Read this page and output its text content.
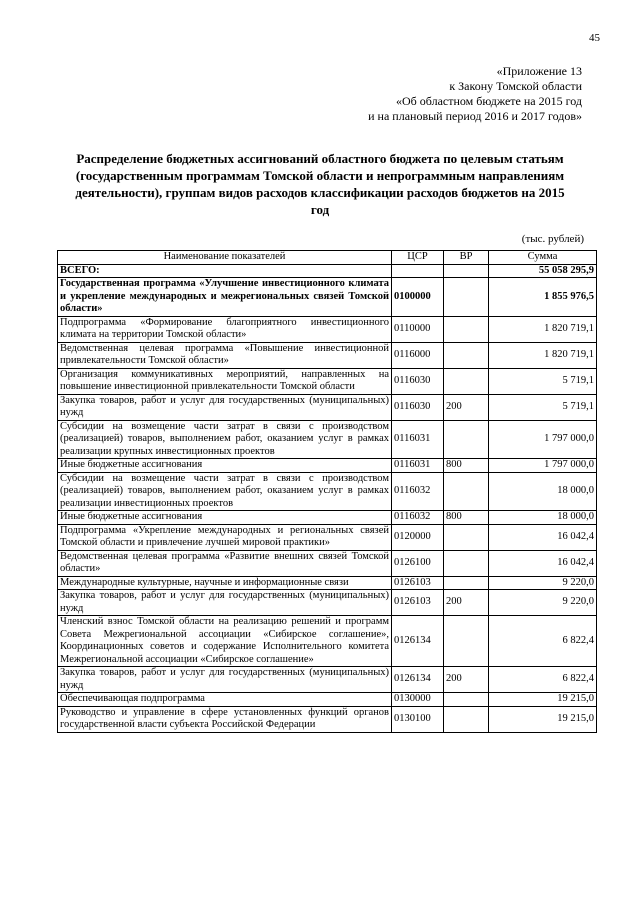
45
«Приложение 13
к Закону Томской области
«Об областном бюджете на 2015 год
и на плановый период 2016 и 2017 годов»
Распределение бюджетных ассигнований областного бюджета по целевым статьям (государственным программам Томской области и непрограммным направлениям деятельности), группам видов расходов классификации расходов бюджетов на 2015 год
(тыс. рублей)
Наименование показателей	ЦСР	ВР	Сумма
ВСЕГО:			55 058 295,9
Государственная программа «Улучшение инвестиционного климата и укрепление международных и межрегиональных связей Томской области»	0100000		1 855 976,5
Подпрограмма «Формирование благоприятного инвестиционного климата на территории Томской области»	0110000		1 820 719,1
Ведомственная целевая программа «Повышение инвестиционной привлекательности Томской области»	0116000		1 820 719,1
Организация коммуникативных мероприятий, направленных на повышение инвестиционной привлекательности Томской области	0116030		5 719,1
Закупка товаров, работ и услуг для государственных (муниципальных) нужд	0116030	200	5 719,1
Субсидии на возмещение части затрат в связи с производством (реализацией) товаров, выполнением работ, оказанием услуг в рамках реализации крупных инвестиционных проектов	0116031		1 797 000,0
Иные бюджетные ассигнования	0116031	800	1 797 000,0
Субсидии на возмещение части затрат в связи с производством (реализацией) товаров, выполнением работ, оказанием услуг в рамках реализации инвестиционных проектов	0116032		18 000,0
Иные бюджетные ассигнования	0116032	800	18 000,0
Подпрограмма «Укрепление международных и региональных связей Томской области и привлечение лучшей мировой практики»	0120000		16 042,4
Ведомственная целевая программа «Развитие внешних связей Томской области»	0126100		16 042,4
Международные культурные, научные и информационные связи	0126103		9 220,0
Закупка товаров, работ и услуг для государственных (муниципальных) нужд	0126103	200	9 220,0
Членский взнос Томской области на реализацию решений и программ Совета Межрегиональной ассоциации «Сибирское соглашение», Координационных советов и содержание Исполнительного комитета Межрегиональной ассоциации «Сибирское соглашение»	0126134		6 822,4
Закупка товаров, работ и услуг для государственных (муниципальных) нужд	0126134	200	6 822,4
Обеспечивающая подпрограмма	0130000		19 215,0
Руководство и управление в сфере установленных функций органов государственной власти субъекта Российской Федерации	0130100		19 215,0
